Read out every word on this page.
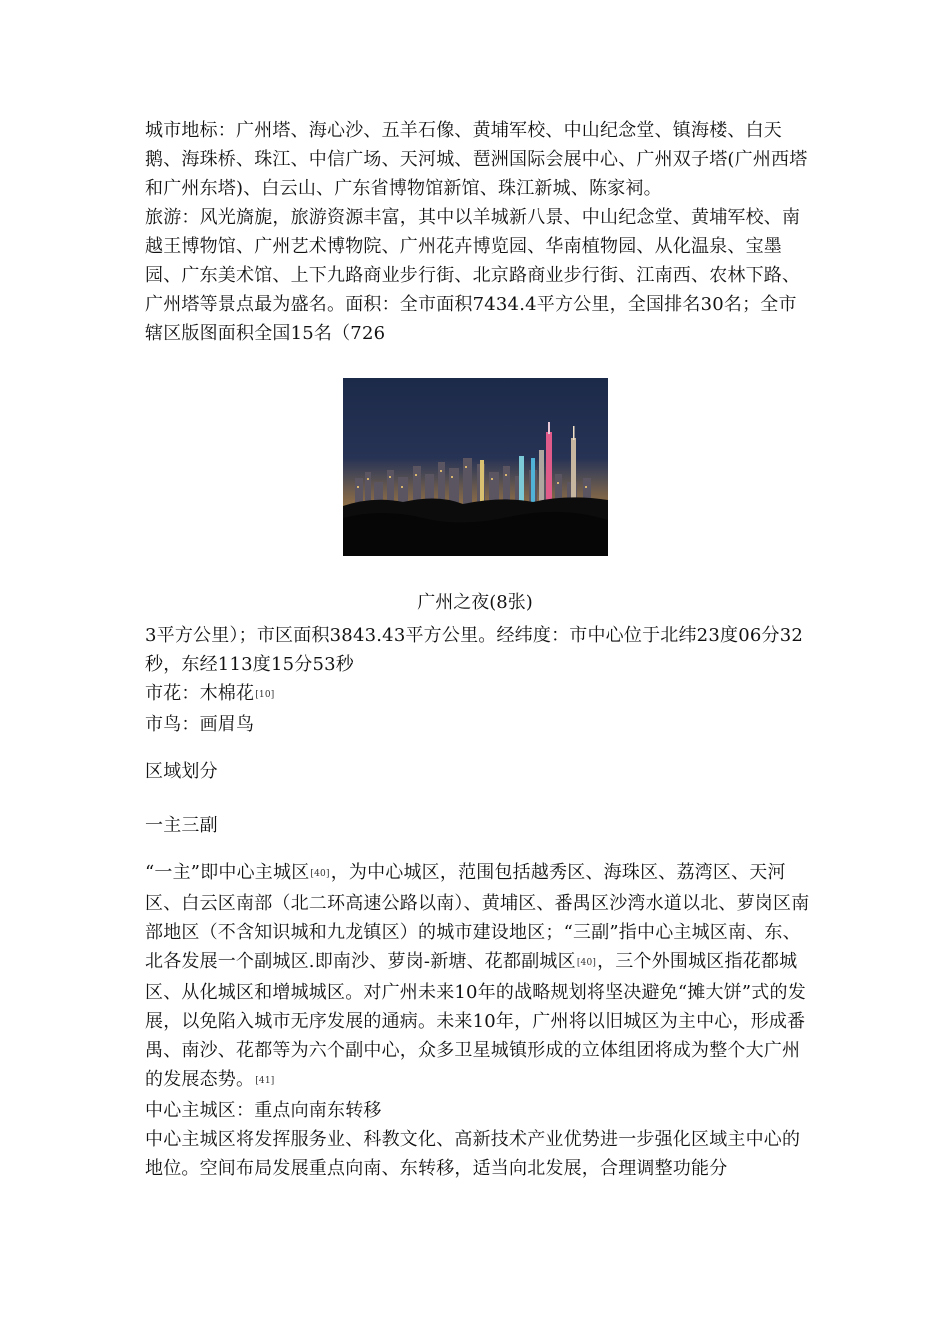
城市地标：广州塔、海心沙、五羊石像、黄埔军校、中山纪念堂、镇海楼、白天鹅、海珠桥、珠江、中信广场、天河城、琶洲国际会展中心、广州双子塔(广州西塔和广州东塔)、白云山、广东省博物馆新馆、珠江新城、陈家祠。

旅游：风光旖旎，旅游资源丰富，其中以羊城新八景、中山纪念堂、黄埔军校、南越王博物馆、广州艺术博物院、广州花卉博览园、华南植物园、从化温泉、宝墨园、广东美术馆、上下九路商业步行街、北京路商业步行街、江南西、农林下路、广州塔等景点最为盛名。面积：全市面积7434.4平方公里，全国排名30名；全市辖区版图面积全国15名（726

广州之夜(8张)

3平方公里）；市区面积3843.43平方公里。经纬度：市中心位于北纬23度06分32秒，东经113度15分53秒

市花：木棉花[10]

市鸟：画眉鸟

区域划分
一主三副

“一主”即中心主城区[40]，为中心城区，范围包括越秀区、海珠区、荔湾区、天河区、白云区南部（北二环高速公路以南）、黄埔区、番禺区沙湾水道以北、萝岗区南部地区（不含知识城和九龙镇区）的城市建设地区；“三副”指中心主城区南、东、北各发展一个副城区.即南沙、萝岗-新塘、花都副城区[40]，三个外围城区指花都城区、从化城区和增城城区。对广州未来10年的战略规划将坚决避免“摊大饼”式的发展，以免陷入城市无序发展的通病。未来10年，广州将以旧城区为主中心，形成番禺、南沙、花都等为六个副中心，众多卫星城镇形成的立体组团将成为整个大广州的发展态势。[41]

中心主城区：重点向南东转移

中心主城区将发挥服务业、科教文化、高新技术产业优势进一步强化区域主中心的地位。空间布局发展重点向南、东转移，适当向北发展，合理调整功能分
